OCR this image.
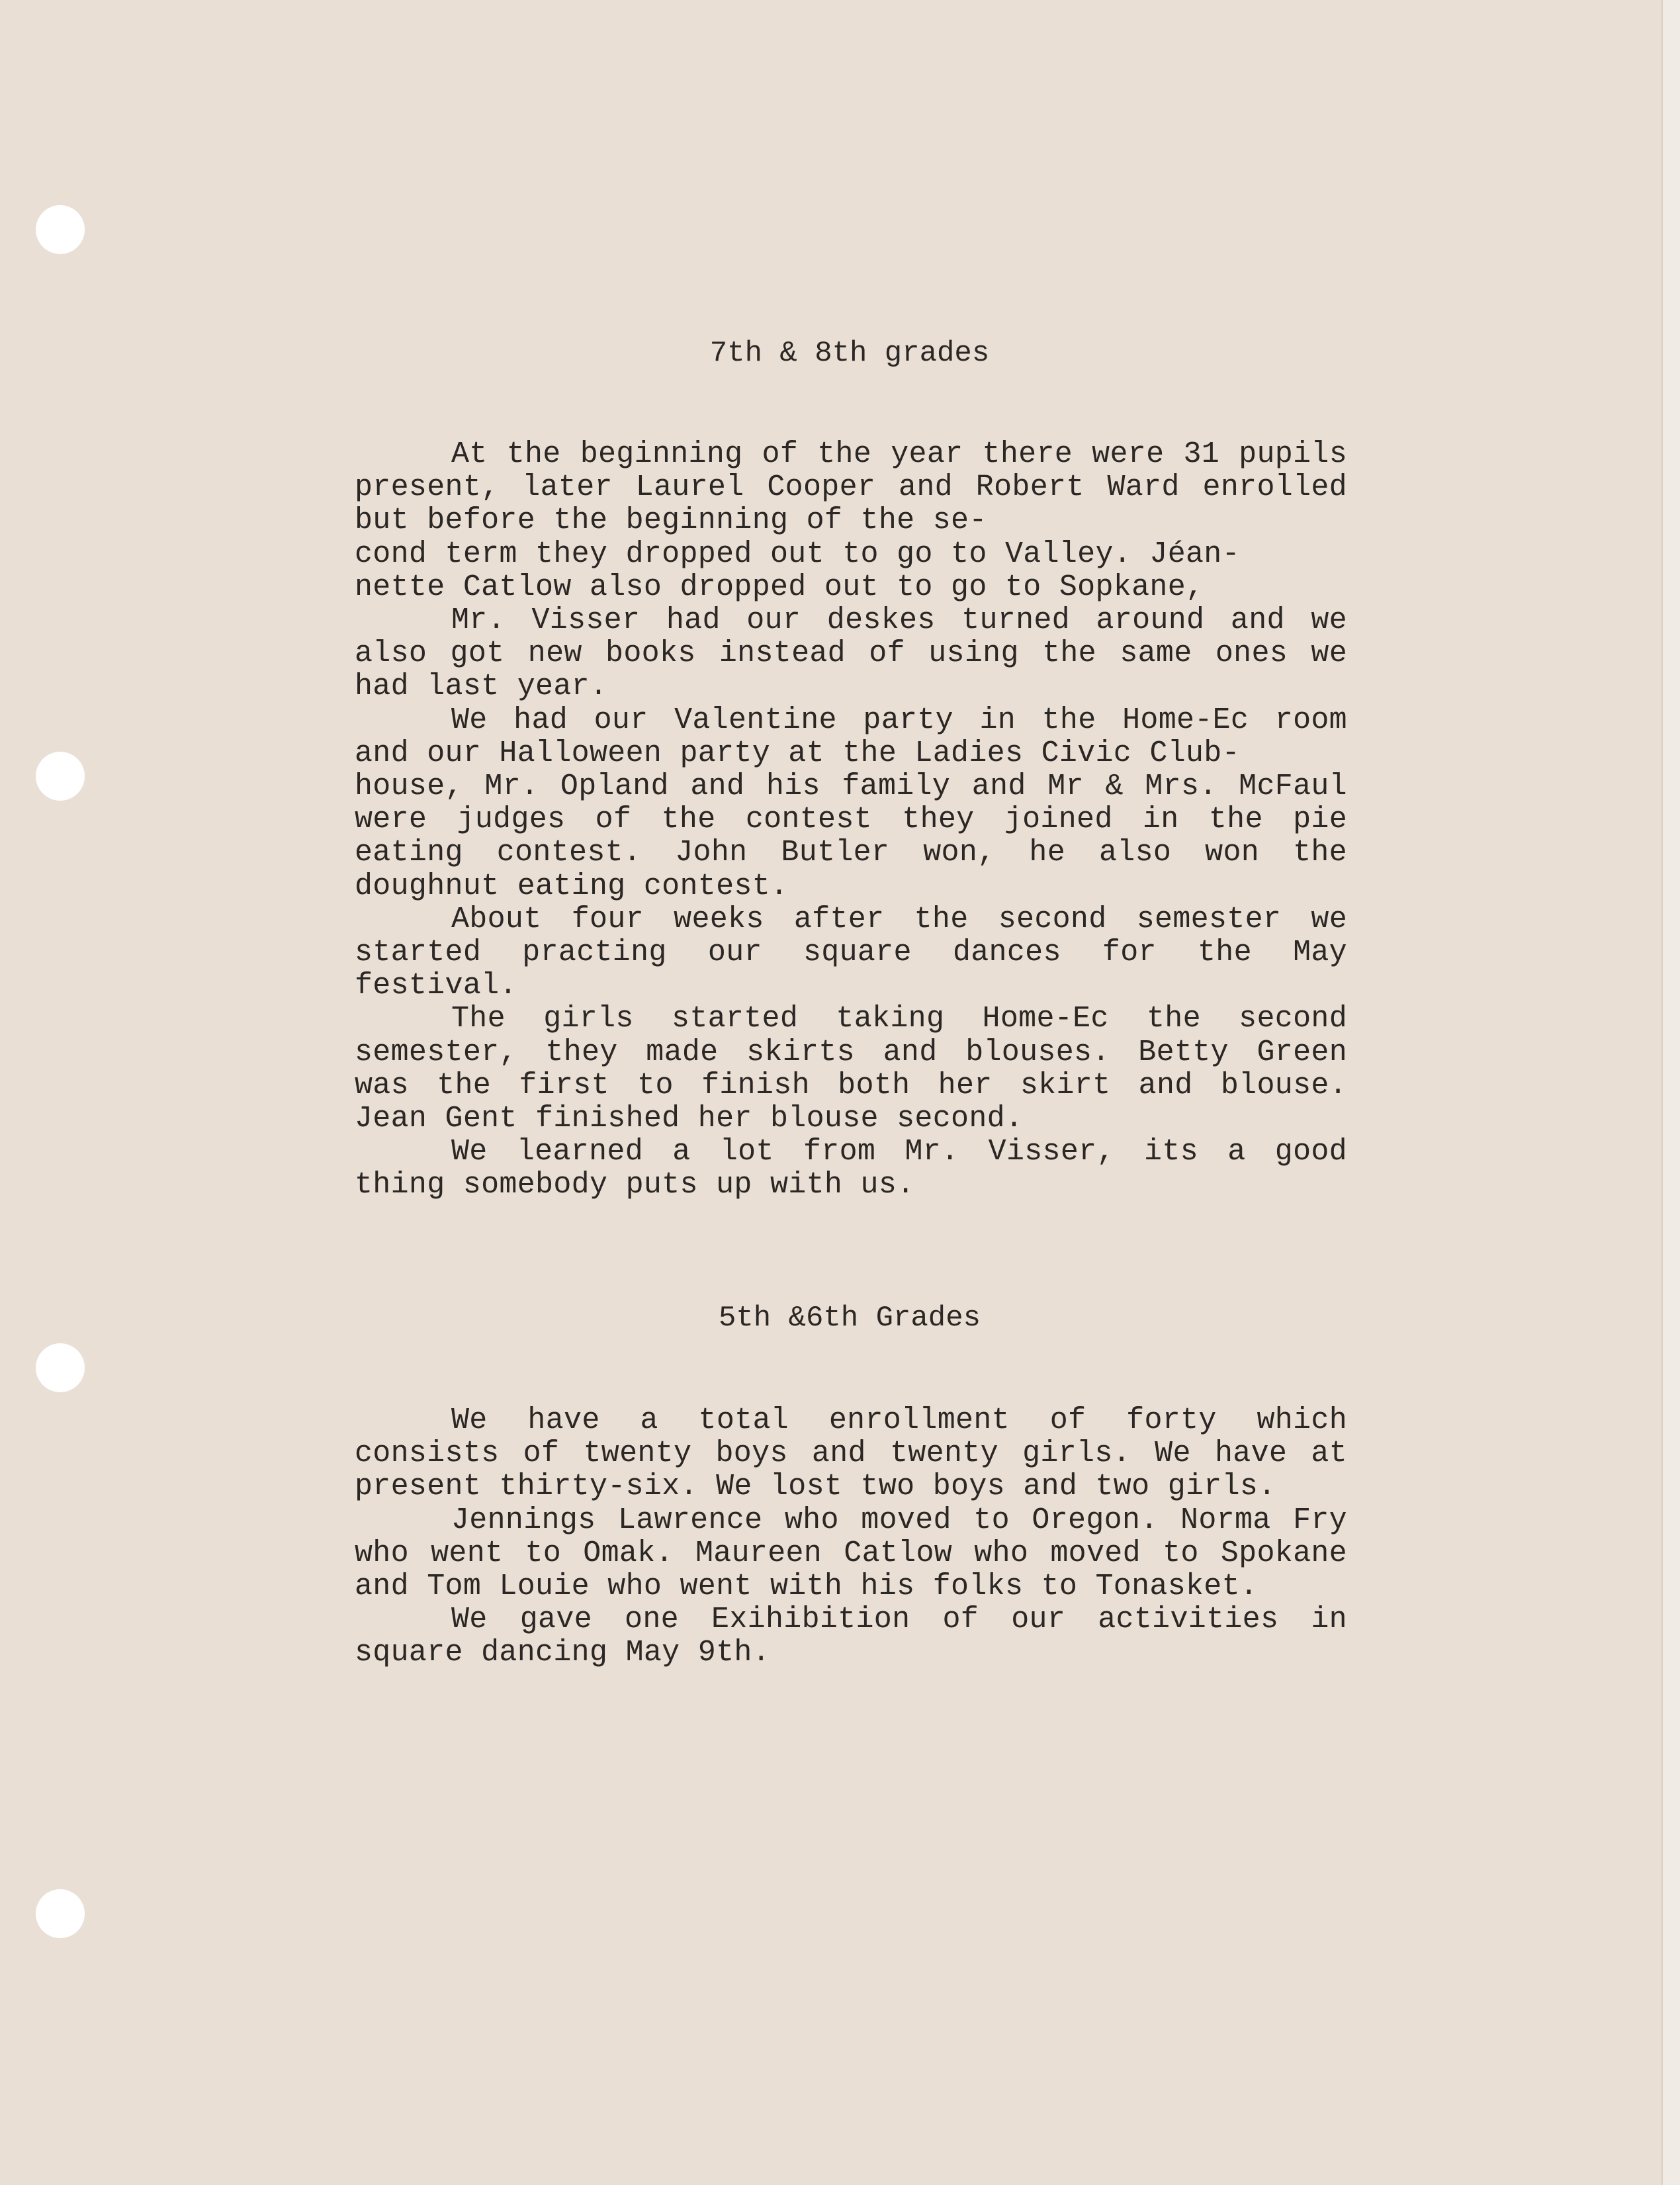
7th & 8th grades

At the beginning of the year there were 31 pupils present, later Laurel Cooper and Robert Ward enrolled but before the beginning of the se-
cond term they dropped out to go to Valley. Jéan-
nette Catlow also dropped out to go to Sopkane,

Mr. Visser had our deskes turned around and we also got new books instead of using the same ones we had last year.

We had our Valentine party in the Home-Ec room and our Halloween party at the Ladies Civic Club-
house, Mr. Opland and his family and Mr & Mrs. McFaul were judges of the contest they joined in the pie eating contest. John Butler won, he also won the doughnut eating contest.

About four weeks after the second semester we started practing our square dances for the May festival.

The girls started taking Home-Ec the second semester, they made skirts and blouses. Betty Green was the first to finish both her skirt and blouse. Jean Gent finished her blouse second.

We learned a lot from Mr. Visser, its a good thing somebody puts up with us.

5th &6th Grades

We have a total enrollment of forty which consists of twenty boys and twenty girls. We have at present thirty-six. We lost two boys and two girls.

Jennings Lawrence who moved to Oregon. Norma Fry who went to Omak. Maureen Catlow who moved to Spokane and Tom Louie who went with his folks to Tonasket.

We gave one Exihibition of our activities in square dancing May 9th.
